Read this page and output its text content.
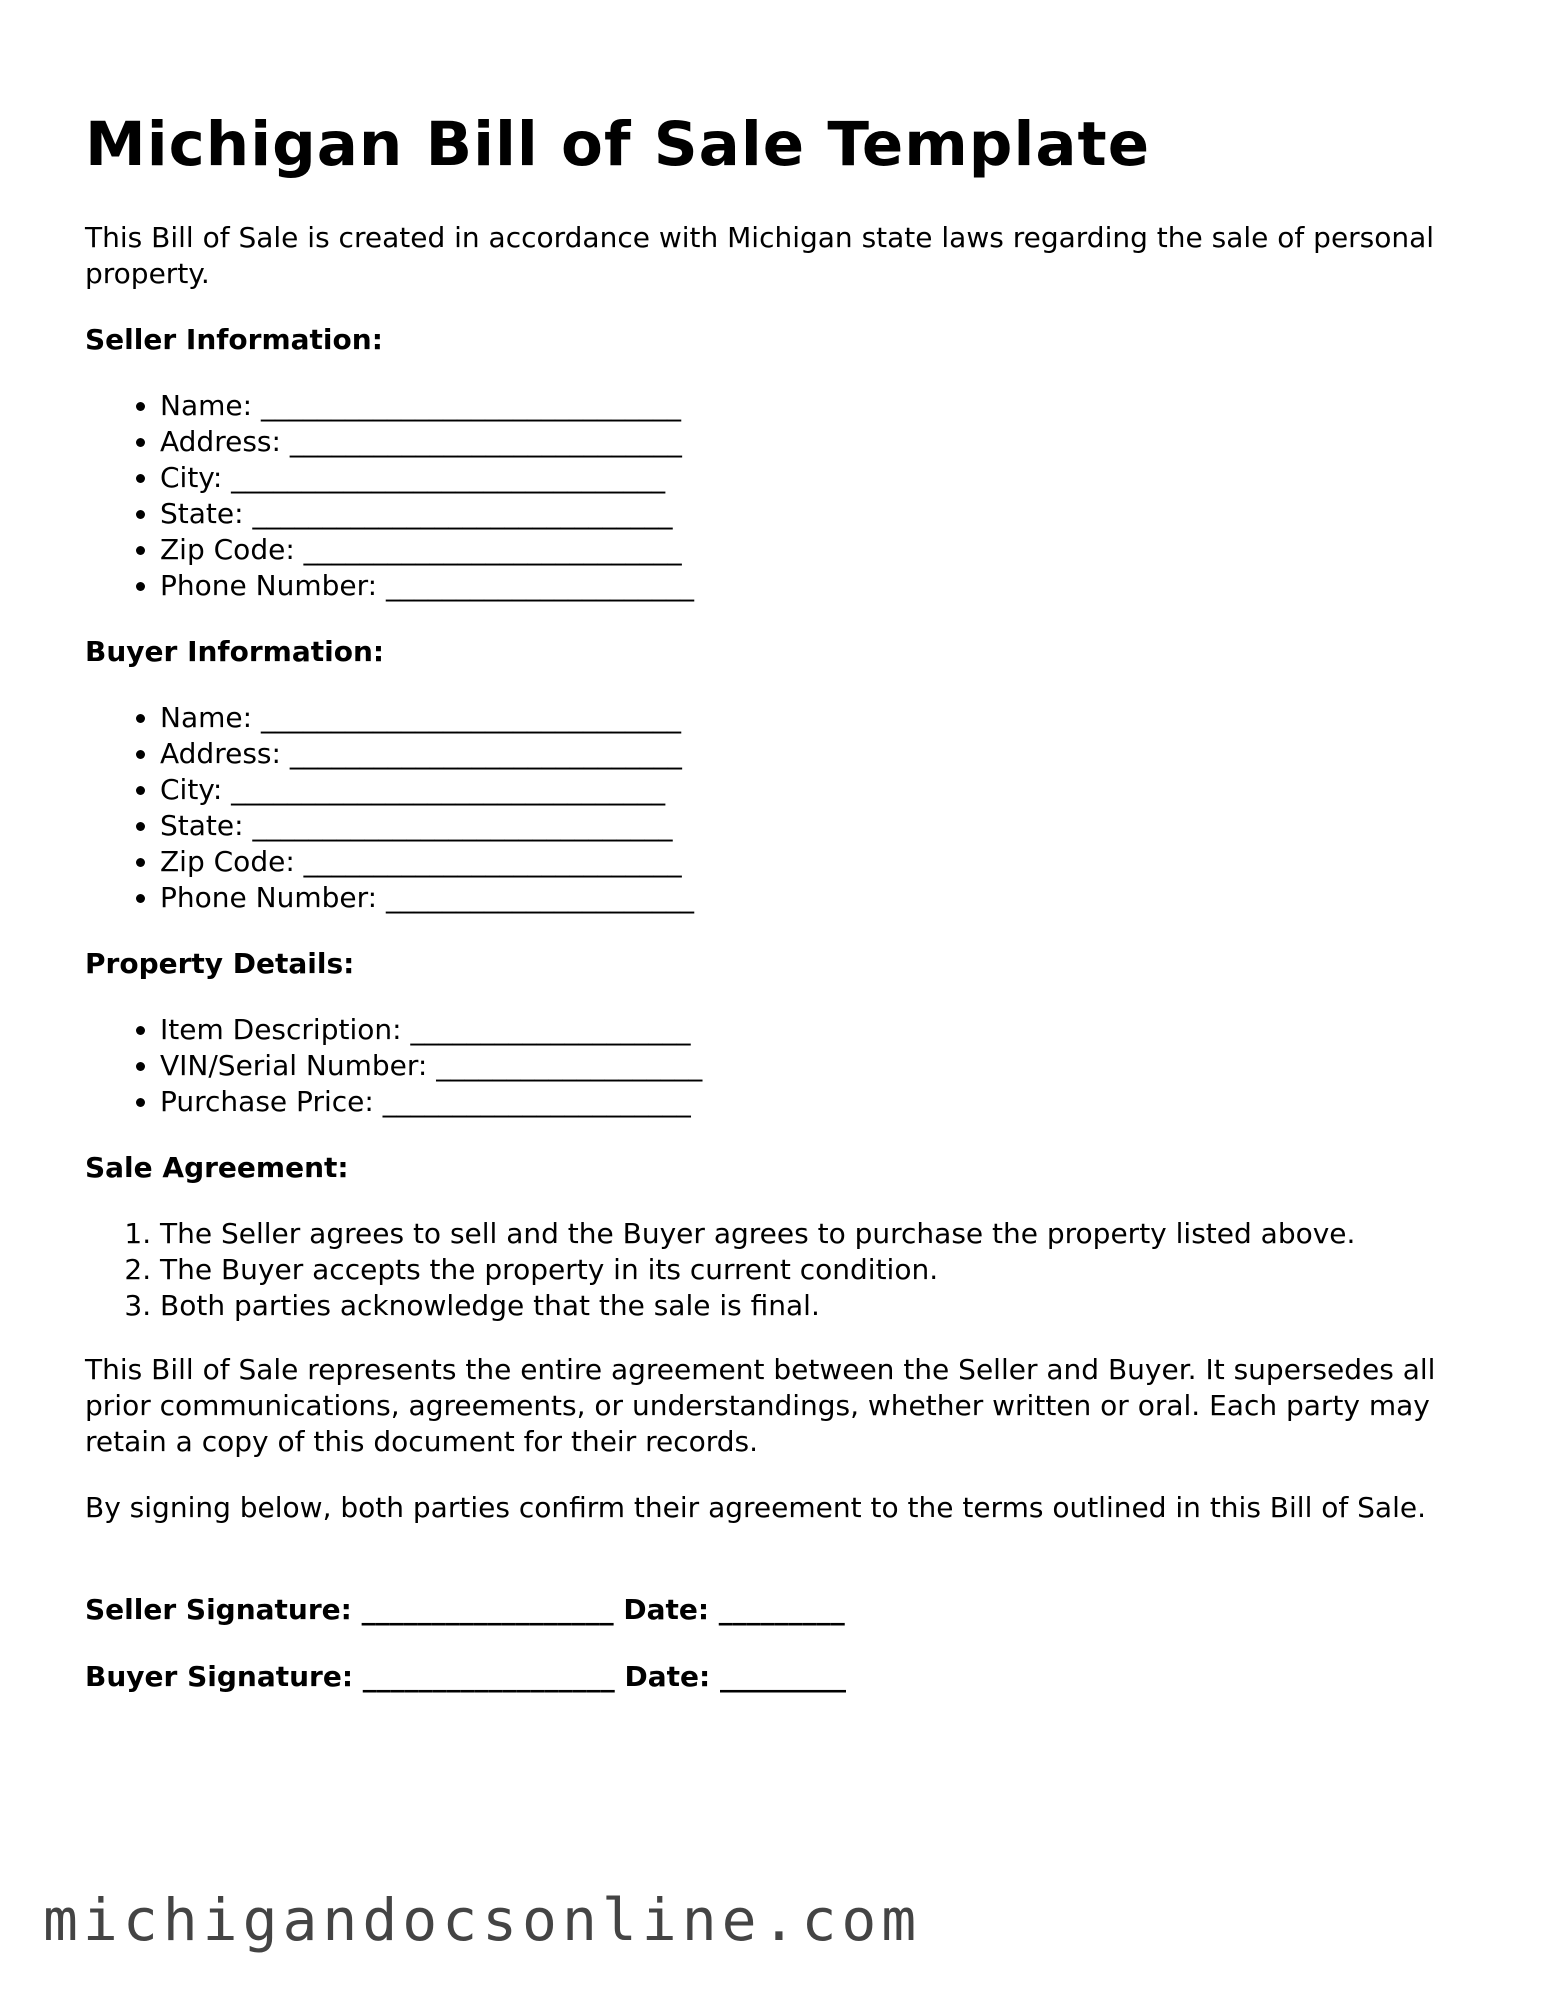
Michigan Bill of Sale Template

This Bill of Sale is created in accordance with Michigan state laws regarding the sale of personal property.

Seller Information:

• Name: ______________________________
• Address: ____________________________
• City: _______________________________
• State: ______________________________
• Zip Code: ___________________________
• Phone Number: ______________________

Buyer Information:

• Name: ______________________________
• Address: ____________________________
• City: _______________________________
• State: ______________________________
• Zip Code: ___________________________
• Phone Number: ______________________

Property Details:

• Item Description: ____________________
• VIN/Serial Number: ___________________
• Purchase Price: ______________________

Sale Agreement:

1. The Seller agrees to sell and the Buyer agrees to purchase the property listed above.
2. The Buyer accepts the property in its current condition.
3. Both parties acknowledge that the sale is final.

This Bill of Sale represents the entire agreement between the Seller and Buyer. It supersedes all prior communications, agreements, or understandings, whether written or oral. Each party may retain a copy of this document for their records.

By signing below, both parties confirm their agreement to the terms outlined in this Bill of Sale.

Seller Signature: __________________ Date: _________

Buyer Signature: __________________ Date: _________

michigandocsonline.com
